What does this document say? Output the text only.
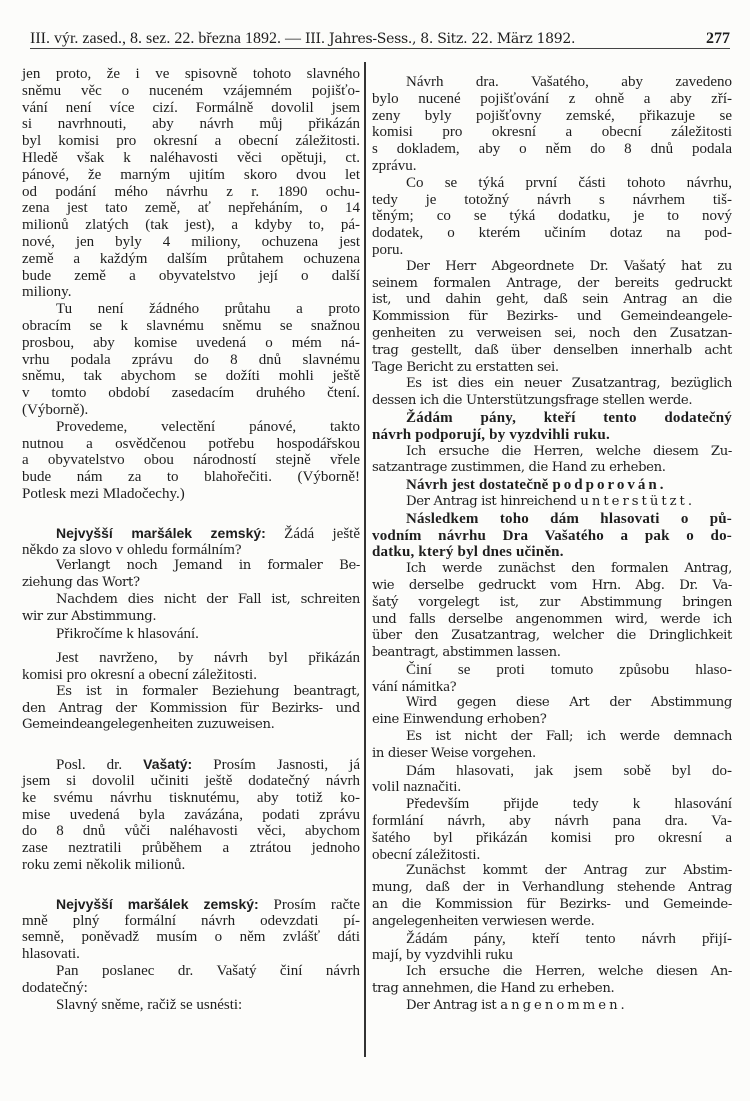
III. výr. zased., 8. sez. 22. března 1892. — III. Jahres-Sess., 8. Sitz. 22. März 1892.	277
jen proto, že i ve spisovně tohoto slavného
sněmu věc o nuceném vzájemném pojišťo-
vání není více cizí. Formálně dovolil jsem
si navrhnouti, aby návrh můj přikázán
byl komisi pro okresní a obecní záležitosti.
Hledě však k naléhavosti věci opětuji, ct.
pánové, že marným ujitím skoro dvou let
od podání mého návrhu z r. 1890 ochu-
zena jest tato země, ať nepřeháním, o 14
milionů zlatých (tak jest), a kdyby to, pá-
nové, jen byly 4 miliony, ochuzena jest
země a každým dalším průtahem ochuzena
bude země a obyvatelstvo její o další
miliony.
Tu není žádného průtahu a proto
obracím se k slavnému sněmu se snažnou
prosbou, aby komise uvedená o mém ná-
vrhu podala zprávu do 8 dnů slavnému
sněmu, tak abychom se dožíti mohli ještě
v tomto období zasedacím druhého čtení.
(Výborně).
Provedeme, velectění pánové, takto
nutnou a osvědčenou potřebu hospodářskou
a obyvatelstvo obou národností stejně vřele
bude nám za to blahořečiti. (Výborně!
Potlesk mezi Mladočechy.)
Nejvyšší maršálek zemský: Žádá ještě
někdo za slovo v ohledu formálním?
Verlangt noch Jemand in formaler Be-
ziehung das Wort?
Nachdem dies nicht der Fall ist, schreiten
wir zur Abstimmung.
Přikročíme k hlasování.
Jest navrženo, by návrh byl přikázán
komisi pro okresní a obecní záležitosti.
Es ist in formaler Beziehung beantragt,
den Antrag der Kommission für Bezirks- und
Gemeindeangelegenheiten zuzuweisen.
Posl. dr. Vašatý: Prosím Jasnosti, já
jsem si dovolil učiniti ještě dodatečný návrh
ke svému návrhu tisknutému, aby totiž ko-
mise uvedená byla zavázána, podati zprávu
do 8 dnů vůči naléhavosti věci, abychom
zase neztratili průběhem a ztrátou jednoho
roku zemi několik milionů.
Nejvyšší maršálek zemský: Prosím račte
mně plný formální návrh odevzdati pí-
semně, poněvadž musím o něm zvlášť dáti
hlasovati.
Pan poslanec dr. Vašatý činí návrh
dodatečný:
Slavný sněme, račiž se usnésti:
Návrh dra. Vašatého, aby zavedeno
bylo nucené pojišťování z ohně a aby zří-
zeny byly pojišťovny zemské, přikazuje se
komisi pro okresní a obecní záležitosti
s dokladem, aby o něm do 8 dnů podala
zprávu.
Co se týká první části tohoto návrhu,
tedy je totožný návrh s návrhem tiš-
těným; co se týká dodatku, je to nový
dodatek, o kterém učiním dotaz na pod-
poru.
Der Herr Abgeordnete Dr. Vašatý hat zu
seinem formalen Antrage, der bereits gedruckt
ist, und dahin geht, daß sein Antrag an die
Kommission für Bezirks- und Gemeindeangele-
genheiten zu verweisen sei, noch den Zusatzan-
trag gestellt, daß über denselben innerhalb acht
Tage Bericht zu erstatten sei.
Es ist dies ein neuer Zusatzantrag, bezüglich
dessen ich die Unterstützungsfrage stellen werde.
Žádám pány, kteří tento dodatečný
návrh podporují, by vyzdvihli ruku.
Ich ersuche die Herren, welche diesem Zu-
satzantrage zustimmen, die Hand zu erheben.
Návrh jest dostatečně podporován.
Der Antrag ist hinreichend unterstützt.
Následkem toho dám hlasovati o pů-
vodním návrhu Dra Vašatého a pak o do-
datku, který byl dnes učiněn.
Ich werde zunächst den formalen Antrag,
wie derselbe gedruckt vom Hrn. Abg. Dr. Va-
šatý vorgelegt ist, zur Abstimmung bringen
und falls derselbe angenommen wird, werde ich
über den Zusatzantrag, welcher die Dringlichkeit
beantragt, abstimmen lassen.
Činí se proti tomuto způsobu hlaso-
vání námitka?
Wird gegen diese Art der Abstimmung
eine Einwendung erhoben?
Es ist nicht der Fall; ich werde demnach
in dieser Weise vorgehen.
Dám hlasovati, jak jsem sobě byl do-
volil naznačiti.
Především přijde tedy k hlasování
formlání návrh, aby návrh pana dra. Va-
šatého byl přikázán komisi pro okresní a
obecní záležitosti.
Zunächst kommt der Antrag zur Abstim-
mung, daß der in Verhandlung stehende Antrag
an die Kommission für Bezirks- und Gemeinde-
angelegenheiten verwiesen werde.
Žádám pány, kteří tento návrh přijí-
mají, by vyzdvihli ruku
Ich ersuche die Herren, welche diesen An-
trag annehmen, die Hand zu erheben.
Der Antrag ist angenommen.
